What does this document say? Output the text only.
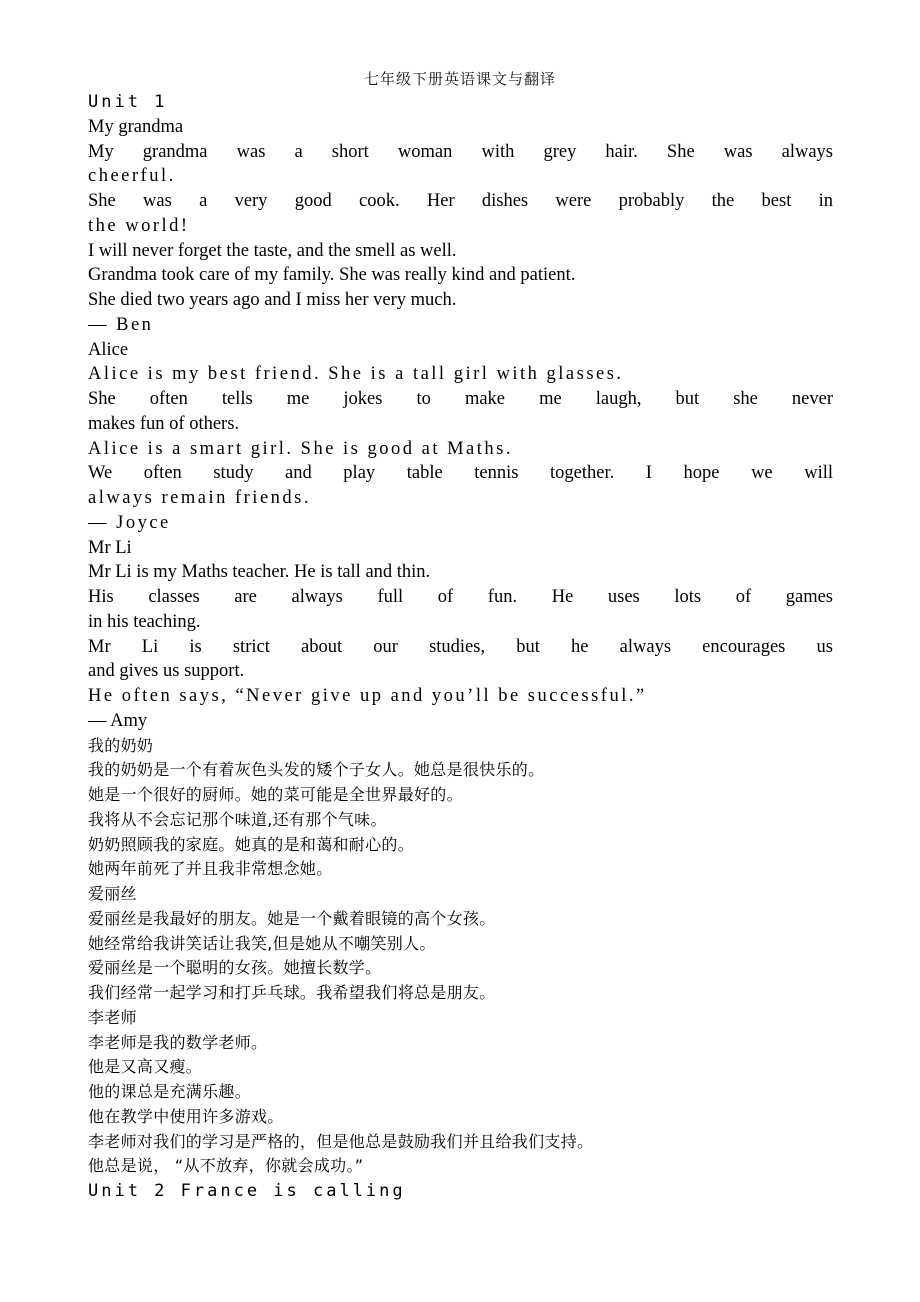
七年级下册英语课文与翻译
Unit 1
My grandma
My grandma was a short woman with grey hair. She was always
cheerful.
She was a very good cook. Her dishes were probably the best in
the world!
I will never forget the taste, and the smell as well.
Grandma took care of my family. She was really kind and patient.
She died two years ago and I miss her very much.
— Ben
Alice
Alice is my best friend. She is a tall girl with glasses.
She often tells me jokes to make me laugh, but she never
makes fun of others.
Alice is a smart girl. She is good at Maths.
We often study and play table tennis together. I hope we will
always remain friends.
— Joyce
Mr Li
Mr Li is my Maths teacher. He is tall and thin.
His classes are always full of fun. He uses lots of games
in his teaching.
Mr Li is strict about our studies, but he always encourages us
and gives us support.
He often says, “Never give up and you’ll be successful.”
— Amy
我的奶奶
我的奶奶是一个有着灰色头发的矮个子女人。她总是很快乐的。
她是一个很好的厨师。她的菜可能是全世界最好的。
我将从不会忘记那个味道,还有那个气味。
奶奶照顾我的家庭。她真的是和蔼和耐心的。
她两年前死了并且我非常想念她。
爱丽丝
爱丽丝是我最好的朋友。她是一个戴着眼镜的高个女孩。
她经常给我讲笑话让我笑,但是她从不嘲笑别人。
爱丽丝是一个聪明的女孩。她擅长数学。
我们经常一起学习和打乒乓球。我希望我们将总是朋友。
李老师
李老师是我的数学老师。
他是又高又瘦。
他的课总是充满乐趣。
他在教学中使用许多游戏。
李老师对我们的学习是严格的，但是他总是鼓励我们并且给我们支持。
他总是说， “从不放弃，你就会成功。”
Unit 2 France is calling
